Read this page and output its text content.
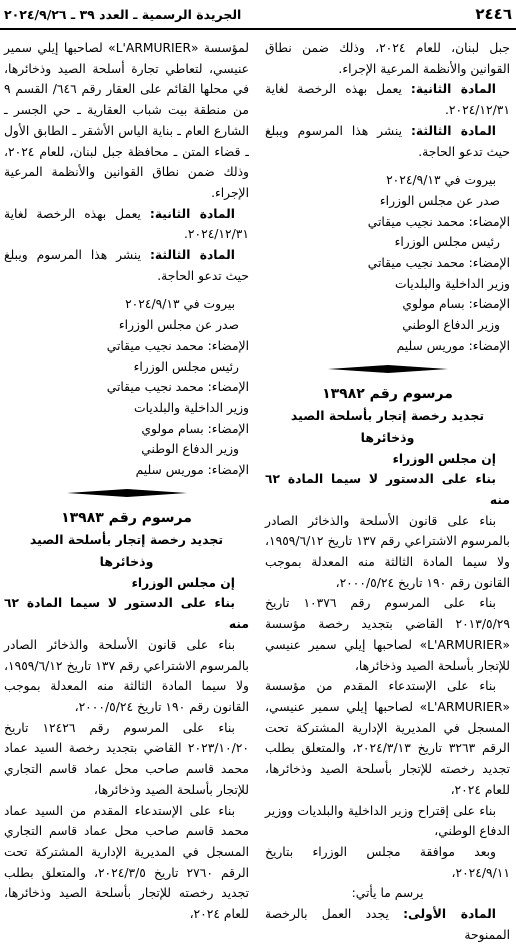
٢٤٤٦
الجريدة الرسمية ـ العدد ٣٩ ـ ٢٠٢٤/٩/٢٦

جبل لبنان، للعام ٢٠٢٤، وذلك ضمن نطاق القوانين والأنظمة المرعية الإجراء.

المادة الثانية: يعمل بهذه الرخصة لغاية ٢٠٢٤/١٢/٣١.

المادة الثالثة: ينشر هذا المرسوم ويبلغ حيث تدعو الحاجة.

بيروت في ٢٠٢٤/٩/١٣

صدر عن مجلس الوزراء

الإمضاء: محمد نجيب ميقاتي

رئيس مجلس الوزراء

الإمضاء: محمد نجيب ميقاتي

وزير الداخلية والبلديات

الإمضاء: بسام مولوي

وزير الدفاع الوطني

الإمضاء: موريس سليم

مرسوم رقم ١٣٩٨٢

تجديد رخصة إتجار بأسلحة الصيد وذخائرها

إن مجلس الوزراء

بناء على الدستور لا سيما المادة ٦٢ منه

بناء على قانون الأسلحة والذخائر الصادر بالمرسوم الاشتراعي رقم ١٣٧ تاريخ ١٩٥٩/٦/١٢، ولا سيما المادة الثالثة منه المعدلة بموجب القانون رقم ١٩٠ تاريخ ٢٠٠٠/٥/٢٤،

بناء على المرسوم رقم ١٠٣٧٦ تاريخ ٢٠١٣/٥/٢٩ القاضي بتجديد رخصة مؤسسة «L'ARMURIER» لصاحبها إيلي سمير عنيسي للإتجار بأسلحة الصيد وذخائرها،

بناء على الإستدعاء المقدم من مؤسسة «L'ARMURIER» لصاحبها إيلي سمير عنيسي، المسجل في المديرية الإدارية المشتركة تحت الرقم ٣٢٦٣ تاريخ ٢٠٢٤/٣/١٣، والمتعلق بطلب تجديد رخصته للإتجار بأسلحة الصيد وذخائرها، للعام ٢٠٢٤،

بناء على إقتراح وزير الداخلية والبلديات ووزير الدفاع الوطني،

وبعد موافقة مجلس الوزراء بتاريخ ٢٠٢٤/٩/١١،

يرسم ما يأتي:

المادة الأولى: يجدد العمل بالرخصة الممنوحة

لمؤسسة «L'ARMURIER» لصاحبها إيلي سمير عنيسي، لتعاطي تجارة أسلحة الصيد وذخائرها، في محلها القائم على العقار رقم ٦٤٦/ القسم ٩ من منطقة بيت شباب العقارية ـ حي الجسر ـ الشارع العام ـ بناية الياس الأشقر ـ الطابق الأول ـ قضاء المتن ـ محافظة جبل لبنان، للعام ٢٠٢٤، وذلك ضمن نطاق القوانين والأنظمة المرعية الإجراء.

المادة الثانية: يعمل بهذه الرخصة لغاية ٢٠٢٤/١٢/٣١.

المادة الثالثة: ينشر هذا المرسوم ويبلغ حيث تدعو الحاجة.

بيروت في ٢٠٢٤/٩/١٣

صدر عن مجلس الوزراء

الإمضاء: محمد نجيب ميقاتي

رئيس مجلس الوزراء

الإمضاء: محمد نجيب ميقاتي

وزير الداخلية والبلديات

الإمضاء: بسام مولوي

وزير الدفاع الوطني

الإمضاء: موريس سليم

مرسوم رقم ١٣٩٨٣

تجديد رخصة إتجار بأسلحة الصيد وذخائرها

إن مجلس الوزراء

بناء على الدستور لا سيما المادة ٦٢ منه

بناء على قانون الأسلحة والذخائر الصادر بالمرسوم الاشتراعي رقم ١٣٧ تاريخ ١٩٥٩/٦/١٢، ولا سيما المادة الثالثة منه المعدلة بموجب القانون رقم ١٩٠ تاريخ ٢٠٠٠/٥/٢٤،

بناء على المرسوم رقم ١٢٤٢٦ تاريخ ٢٠٢٣/١٠/٢٠ القاضي بتجديد رخصة السيد عماد محمد قاسم صاحب محل عماد قاسم التجاري للإتجار بأسلحة الصيد وذخائرها،

بناء على الإستدعاء المقدم من السيد عماد محمد قاسم صاحب محل عماد قاسم التجاري المسجل في المديرية الإدارية المشتركة تحت الرقم ٢٧٦٠ تاريخ ٢٠٢٤/٣/٥، والمتعلق بطلب تجديد رخصته للإتجار بأسلحة الصيد وذخائرها، للعام ٢٠٢٤،
